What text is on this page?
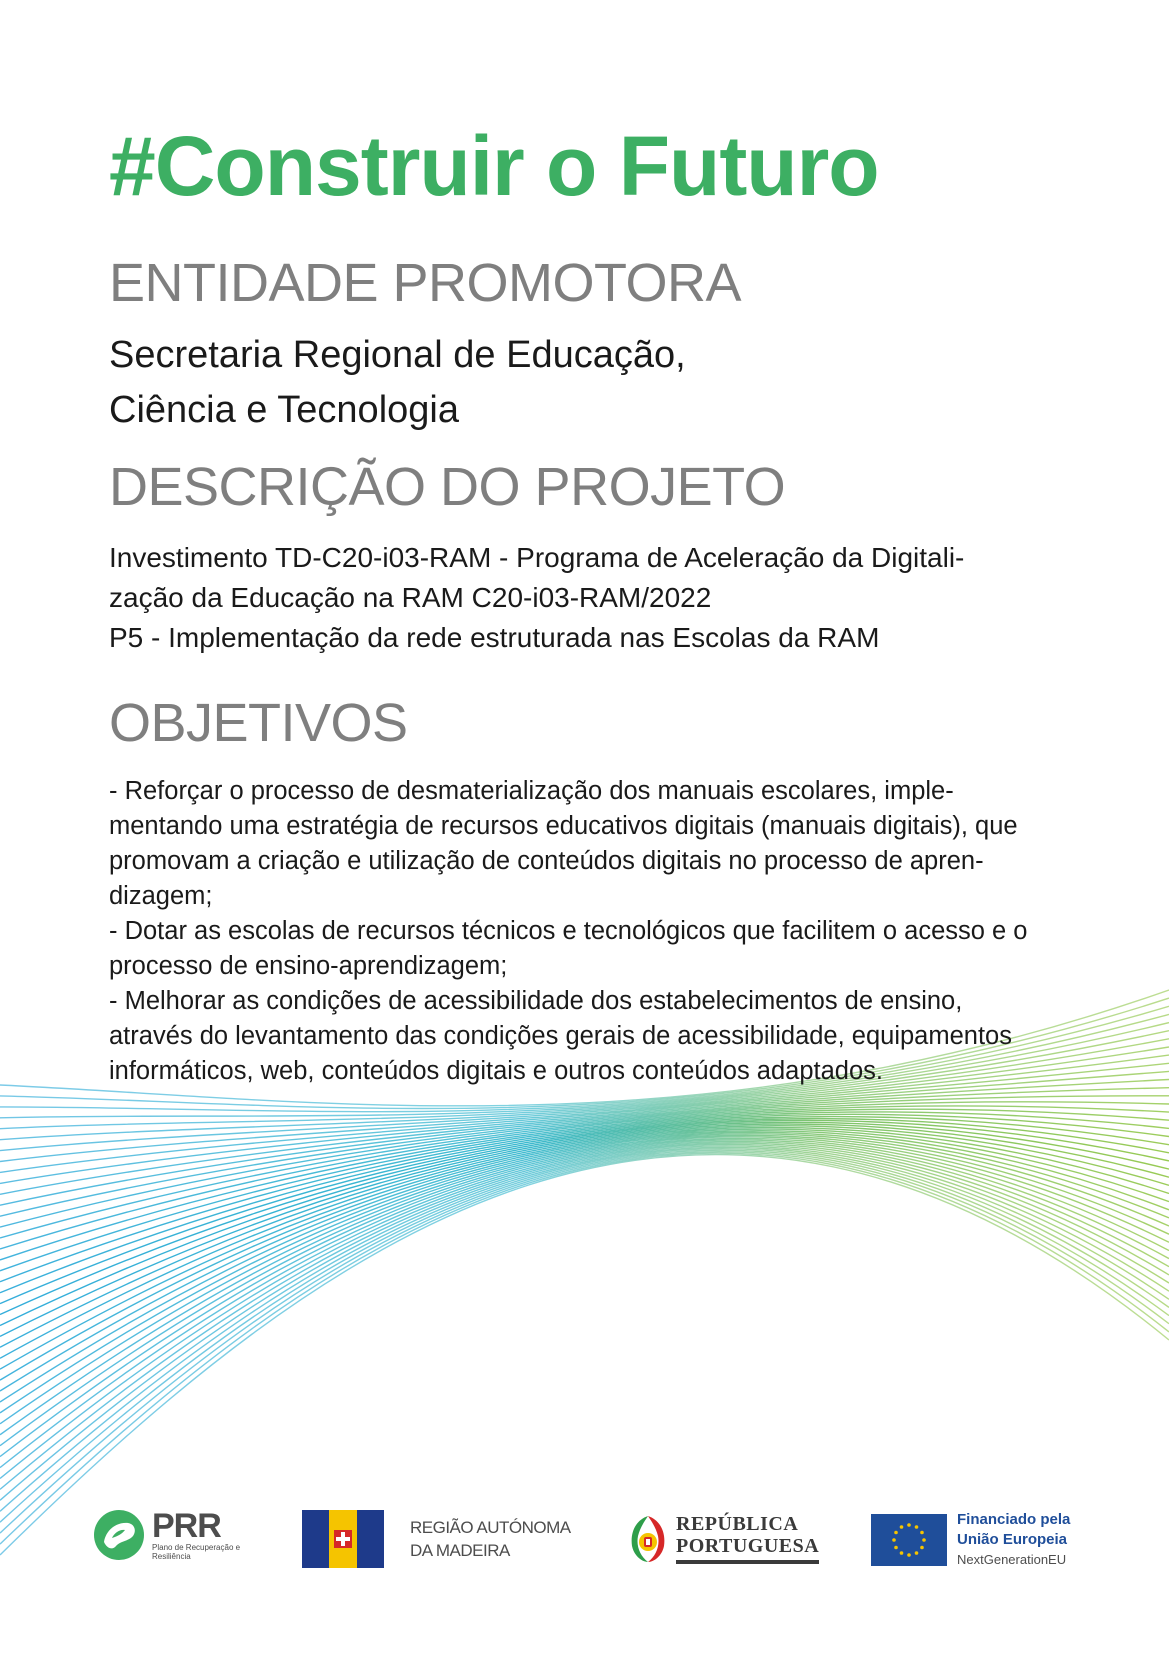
#Construir o Futuro
ENTIDADE PROMOTORA
Secretaria Regional de Educação,
Ciência e Tecnologia
DESCRIÇÃO DO PROJETO
Investimento TD-C20-i03-RAM - Programa de Aceleração da Digitali-
zação da Educação na RAM C20-i03-RAM/2022
P5 - Implementação da rede estruturada nas Escolas da RAM
OBJETIVOS
- Reforçar o processo de desmaterialização dos manuais escolares, imple-
mentando uma estratégia de recursos educativos digitais (manuais digitais), que
promovam a criação e utilização de conteúdos digitais no processo de apren-
dizagem;
- Dotar as escolas de recursos técnicos e tecnológicos que facilitem o acesso e o
processo de ensino-aprendizagem;
- Melhorar as condições de acessibilidade dos estabelecimentos de ensino,
através do levantamento das condições gerais de acessibilidade, equipamentos
informáticos, web, conteúdos digitais e outros conteúdos adaptados.
PRR
Plano de Recuperação e Resiliência
REGIÃO AUTÓNOMA
DA MADEIRA
REPÚBLICA
PORTUGUESA
Financiado pela
União Europeia
NextGenerationEU
